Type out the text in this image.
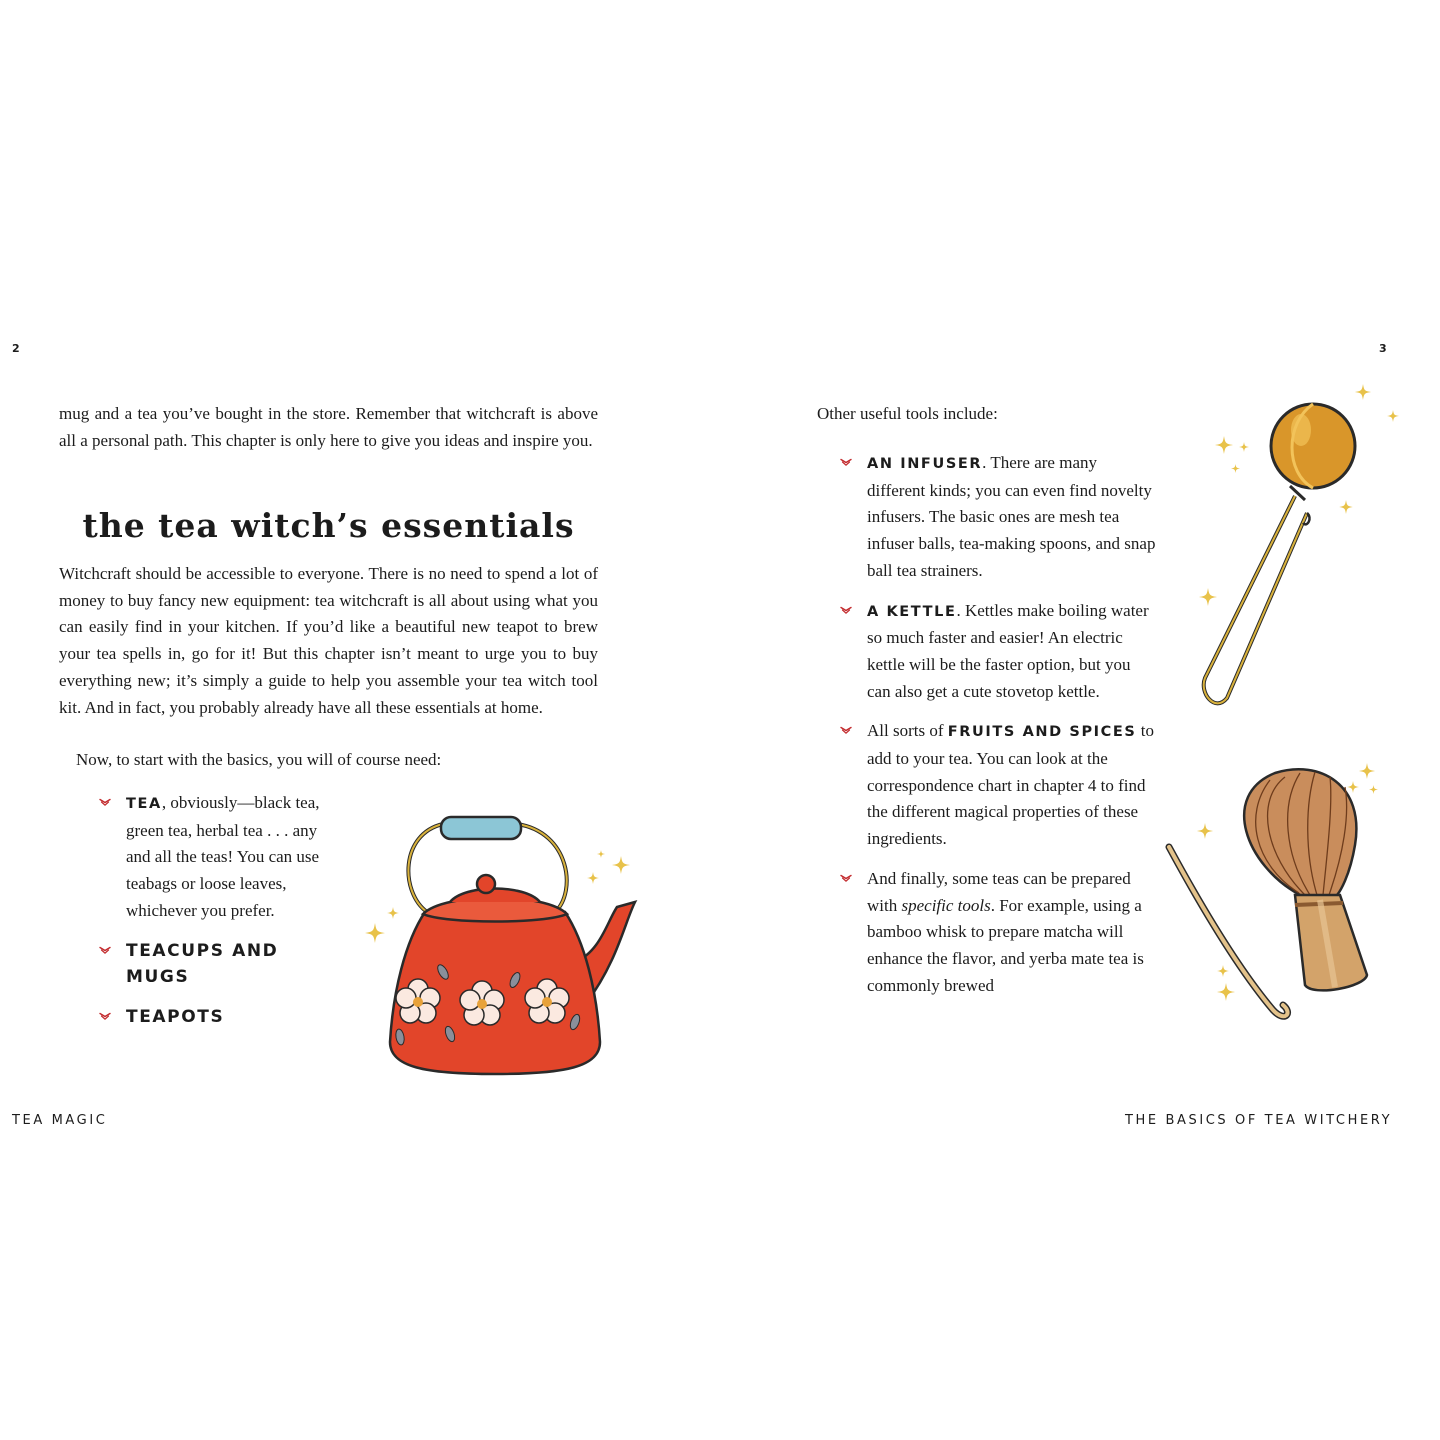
2

mug and a tea you’ve bought in the store. Remember that witchcraft is above all a personal path. This chapter is only here to give you ideas and inspire you.

the tea witch’s essentials

Witchcraft should be accessible to everyone. There is no need to spend a lot of money to buy fancy new equipment: tea witchcraft is all about using what you can easily find in your kitchen. If you’d like a beautiful new teapot to brew your tea spells in, go for it! But this chapter isn’t meant to urge you to buy everything new; it’s simply a guide to help you assemble your tea witch tool kit. And in fact, you probably already have all these essentials at home.

Now, to start with the basics, you will of course need:

TEA, obviously—black tea, green tea, herbal tea . . . any and all the teas! You can use teabags or loose leaves, whichever you prefer.
TEACUPS AND MUGS
TEAPOTS
TEA MAGIC
3

Other useful tools include:

AN INFUSER. There are many different kinds; you can even find novelty infusers. The basic ones are mesh tea infuser balls, tea-making spoons, and snap ball tea strainers.
A KETTLE. Kettles make boiling water so much faster and easier! An electric kettle will be the faster option, but you can also get a cute stovetop kettle.
All sorts of FRUITS AND SPICES to add to your tea. You can look at the correspondence chart in chapter 4 to find the different magical properties of these ingredients.
And finally, some teas can be prepared with specific tools. For example, using a bamboo whisk to prepare matcha will enhance the flavor, and yerba mate tea is commonly brewed
THE BASICS OF TEA WITCHERY
